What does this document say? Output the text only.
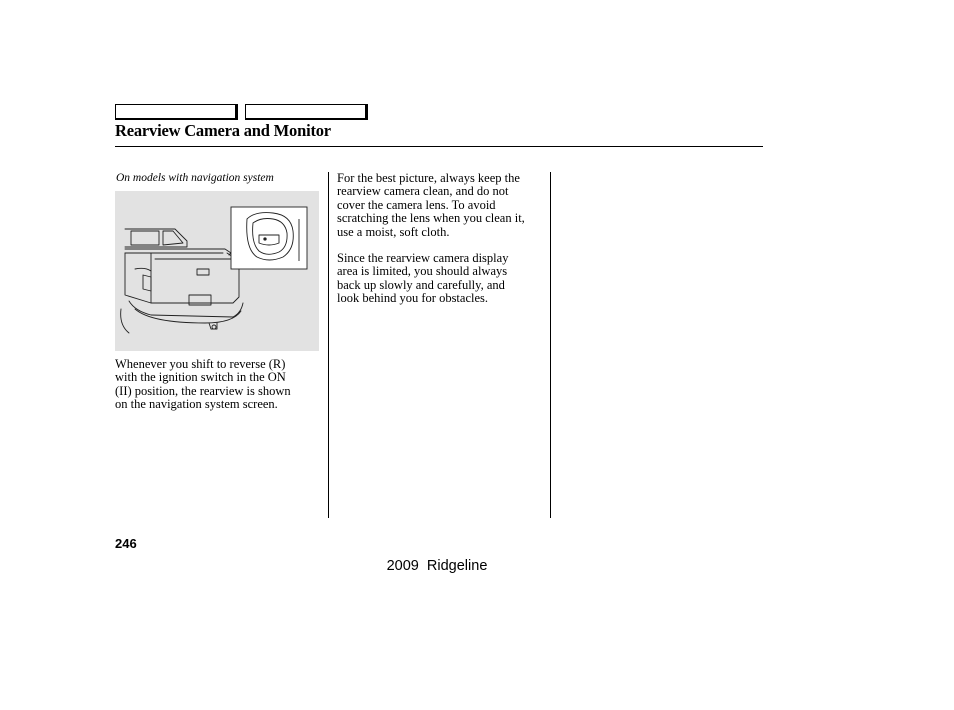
Rearview Camera and Monitor
On models with navigation system
Whenever you shift to reverse (R)
with the ignition switch in the ON
(II) position, the rearview is shown
on the navigation system screen.
For the best picture, always keep the
rearview camera clean, and do not
cover the camera lens. To avoid
scratching the lens when you clean it,
use a moist, soft cloth.
Since the rearview camera display
area is limited, you should always
back up slowly and carefully, and
look behind you for obstacles.
246
2009  Ridgeline
